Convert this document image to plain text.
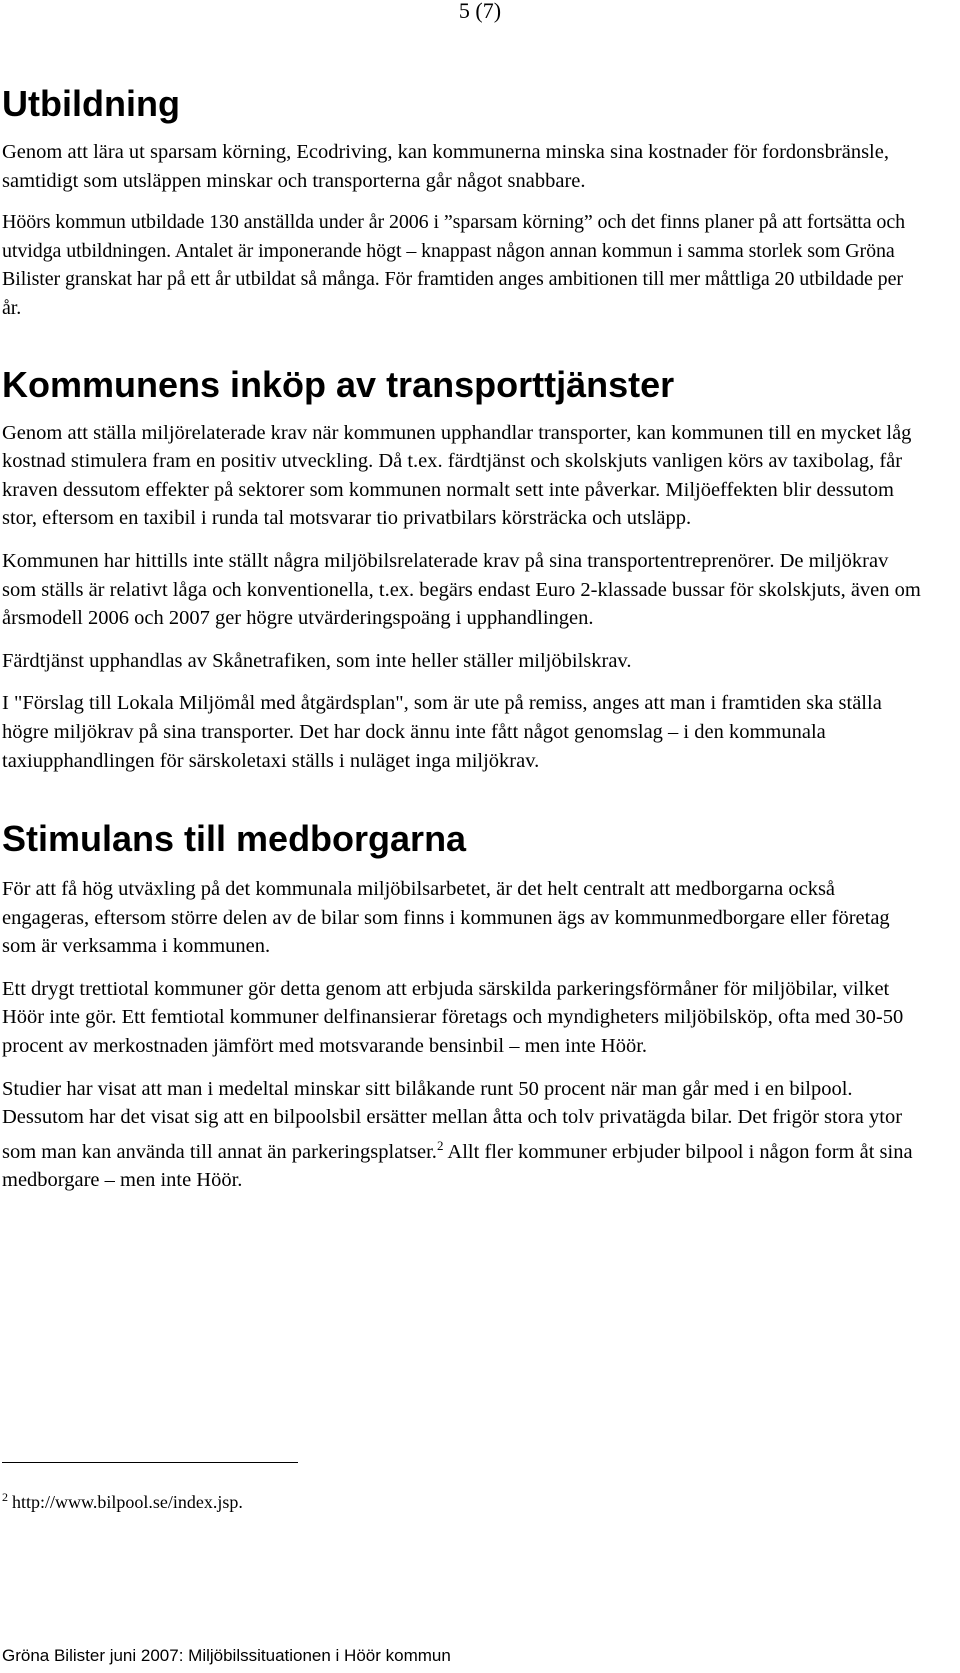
5 (7)
Utbildning

Genom att lära ut sparsam körning, Ecodriving, kan kommunerna minska sina kostnader för fordonsbränsle, samtidigt som utsläppen minskar och transporterna går något snabbare.

Höörs kommun utbildade 130 anställda under år 2006 i ”sparsam körning” och det finns planer på att fortsätta och utvidga utbildningen. Antalet är imponerande högt – knappast någon annan kommun i samma storlek som Gröna Bilister granskat har på ett år utbildat så många. För framtiden anges ambitionen till mer måttliga 20 utbildade per år.

Kommunens inköp av transporttjänster

Genom att ställa miljörelaterade krav när kommunen upphandlar transporter, kan kommunen till en mycket låg kostnad stimulera fram en positiv utveckling. Då t.ex. färdtjänst och skolskjuts vanligen körs av taxibolag, får kraven dessutom effekter på sektorer som kommunen normalt sett inte påverkar. Miljöeffekten blir dessutom stor, eftersom en taxibil i runda tal motsvarar tio privatbilars körsträcka och utsläpp.

Kommunen har hittills inte ställt några miljöbilsrelaterade krav på sina transportentreprenörer. De miljökrav som ställs är relativt låga och konventionella, t.ex. begärs endast Euro 2-klassade bussar för skolskjuts, även om årsmodell 2006 och 2007 ger högre utvärderingspoäng i upphandlingen.

Färdtjänst upphandlas av Skånetrafiken, som inte heller ställer miljöbilskrav.

I "Förslag till Lokala Miljömål med åtgärdsplan", som är ute på remiss, anges att man i framtiden ska ställa högre miljökrav på sina transporter. Det har dock ännu inte fått något genomslag – i den kommunala taxiupphandlingen för särskoletaxi ställs i nuläget inga miljökrav.

Stimulans till medborgarna

För att få hög utväxling på det kommunala miljöbilsarbetet, är det helt centralt att medborgarna också engageras, eftersom större delen av de bilar som finns i kommunen ägs av kommunmedborgare eller företag som är verksamma i kommunen.

Ett drygt trettiotal kommuner gör detta genom att erbjuda särskilda parkeringsförmåner för miljöbilar, vilket Höör inte gör. Ett femtiotal kommuner delfinansierar företags och myndigheters miljöbilsköp, ofta med 30-50 procent av merkostnaden jämfört med motsvarande bensinbil – men inte Höör.

Studier har visat att man i medeltal minskar sitt bilåkande runt 50 procent när man går med i en bilpool. Dessutom har det visat sig att en bilpoolsbil ersätter mellan åtta och tolv privatägda bilar. Det frigör stora ytor som man kan använda till annat än parkeringsplatser.$^2$ Allt fler kommuner erbjuder bilpool i någon form åt sina medborgare – men inte Höör.

$^2$ http://www.bilpool.se/index.jsp.
Gröna Bilister juni 2007: Miljöbilssituationen i Höör kommun
